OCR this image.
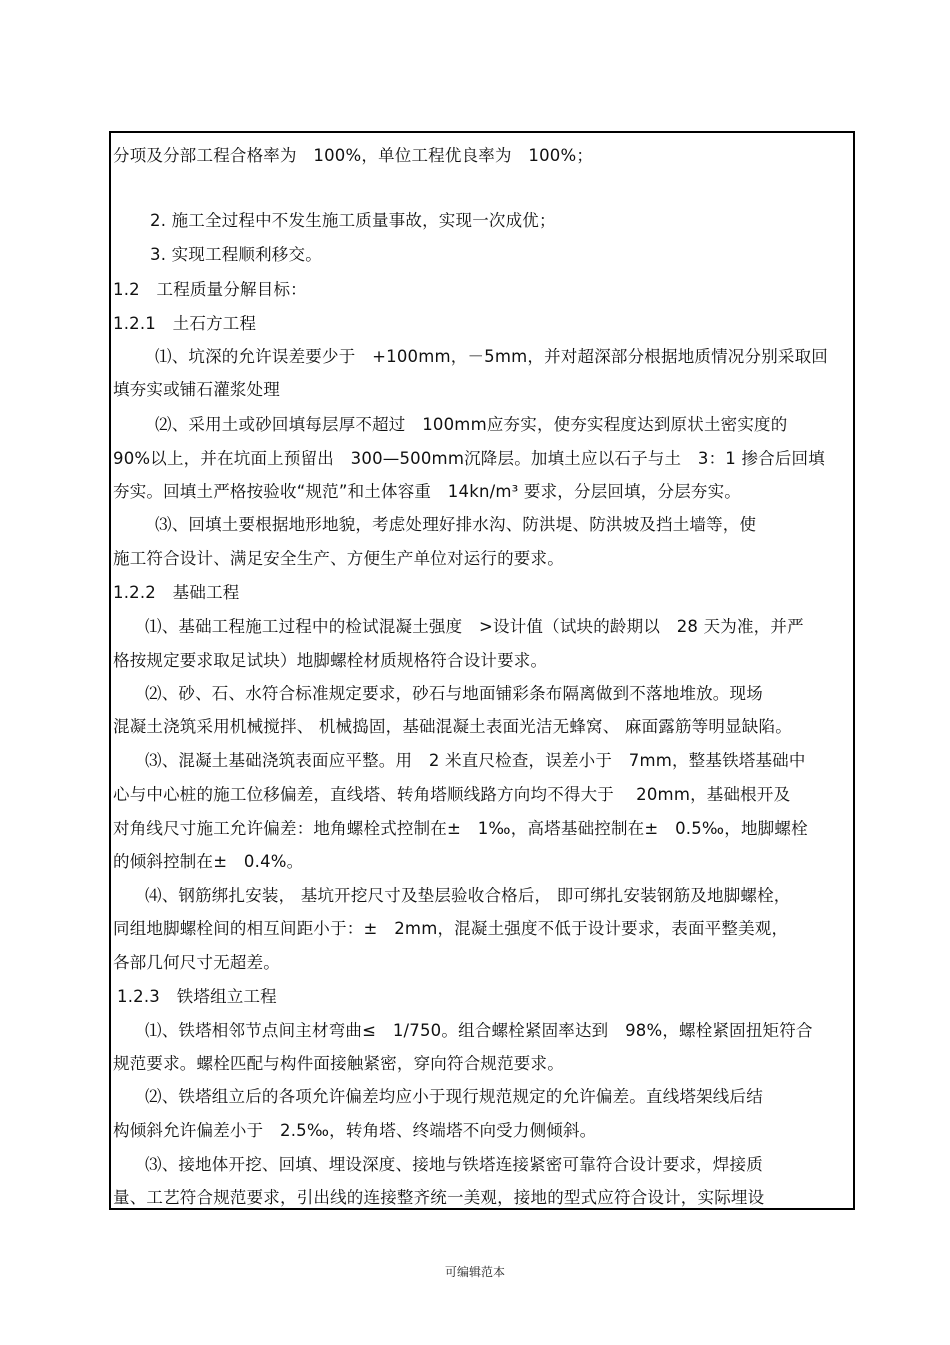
分项及分部工程合格率为　100%，单位工程优良率为　100%；
2. 施工全过程中不发生施工质量事故，实现一次成优；
3. 实现工程顺利移交。
1.2　工程质量分解目标：
1.2.1　土石方工程
⑴、坑深的允许误差要少于　+100mm，－5mm，并对超深部分根据地质情况分别采取回
填夯实或铺石灌浆处理
⑵、采用土或砂回填每层厚不超过　100mm应夯实，使夯实程度达到原状土密实度的
90%以上，并在坑面上预留出　300—500mm沉降层。加填土应以石子与土　3：1 掺合后回填
夯实。回填土严格按验收“规范”和土体容重　14kn/m³ 要求，分层回填，分层夯实。
⑶、回填土要根据地形地貌，考虑处理好排水沟、防洪堤、防洪坡及挡土墙等，使
施工符合设计、满足安全生产、方便生产单位对运行的要求。
1.2.2　基础工程
⑴、基础工程施工过程中的检试混凝土强度　>设计值（试块的龄期以　28 天为准，并严
格按规定要求取足试块）地脚螺栓材质规格符合设计要求。
⑵、砂、石、水符合标准规定要求，砂石与地面铺彩条布隔离做到不落地堆放。现场
混凝土浇筑采用机械搅拌、 机械捣固，基础混凝土表面光洁无蜂窝、 麻面露筋等明显缺陷。
⑶、混凝土基础浇筑表面应平整。用　2 米直尺检查，误差小于　7mm，整基铁塔基础中
心与中心桩的施工位移偏差，直线塔、转角塔顺线路方向均不得大于　 20mm，基础根开及
对角线尺寸施工允许偏差：地角螺栓式控制在±　1‰，高塔基础控制在±　0.5‰，地脚螺栓
的倾斜控制在±　0.4%。
⑷、钢筋绑扎安装， 基坑开挖尺寸及垫层验收合格后， 即可绑扎安装钢筋及地脚螺栓，
同组地脚螺栓间的相互间距小于：±　2mm，混凝土强度不低于设计要求，表面平整美观，
各部几何尺寸无超差。
1.2.3　铁塔组立工程
⑴、铁塔相邻节点间主材弯曲≤　1/750。组合螺栓紧固率达到　98%，螺栓紧固扭矩符合
规范要求。螺栓匹配与构件面接触紧密，穿向符合规范要求。
⑵、铁塔组立后的各项允许偏差均应小于现行规范规定的允许偏差。直线塔架线后结
构倾斜允许偏差小于　2.5‰，转角塔、终端塔不向受力侧倾斜。
⑶、接地体开挖、回填、埋设深度、接地与铁塔连接紧密可靠符合设计要求，焊接质
量、工艺符合规范要求，引出线的连接整齐统一美观，接地的型式应符合设计，实际埋设
可编辑范本
